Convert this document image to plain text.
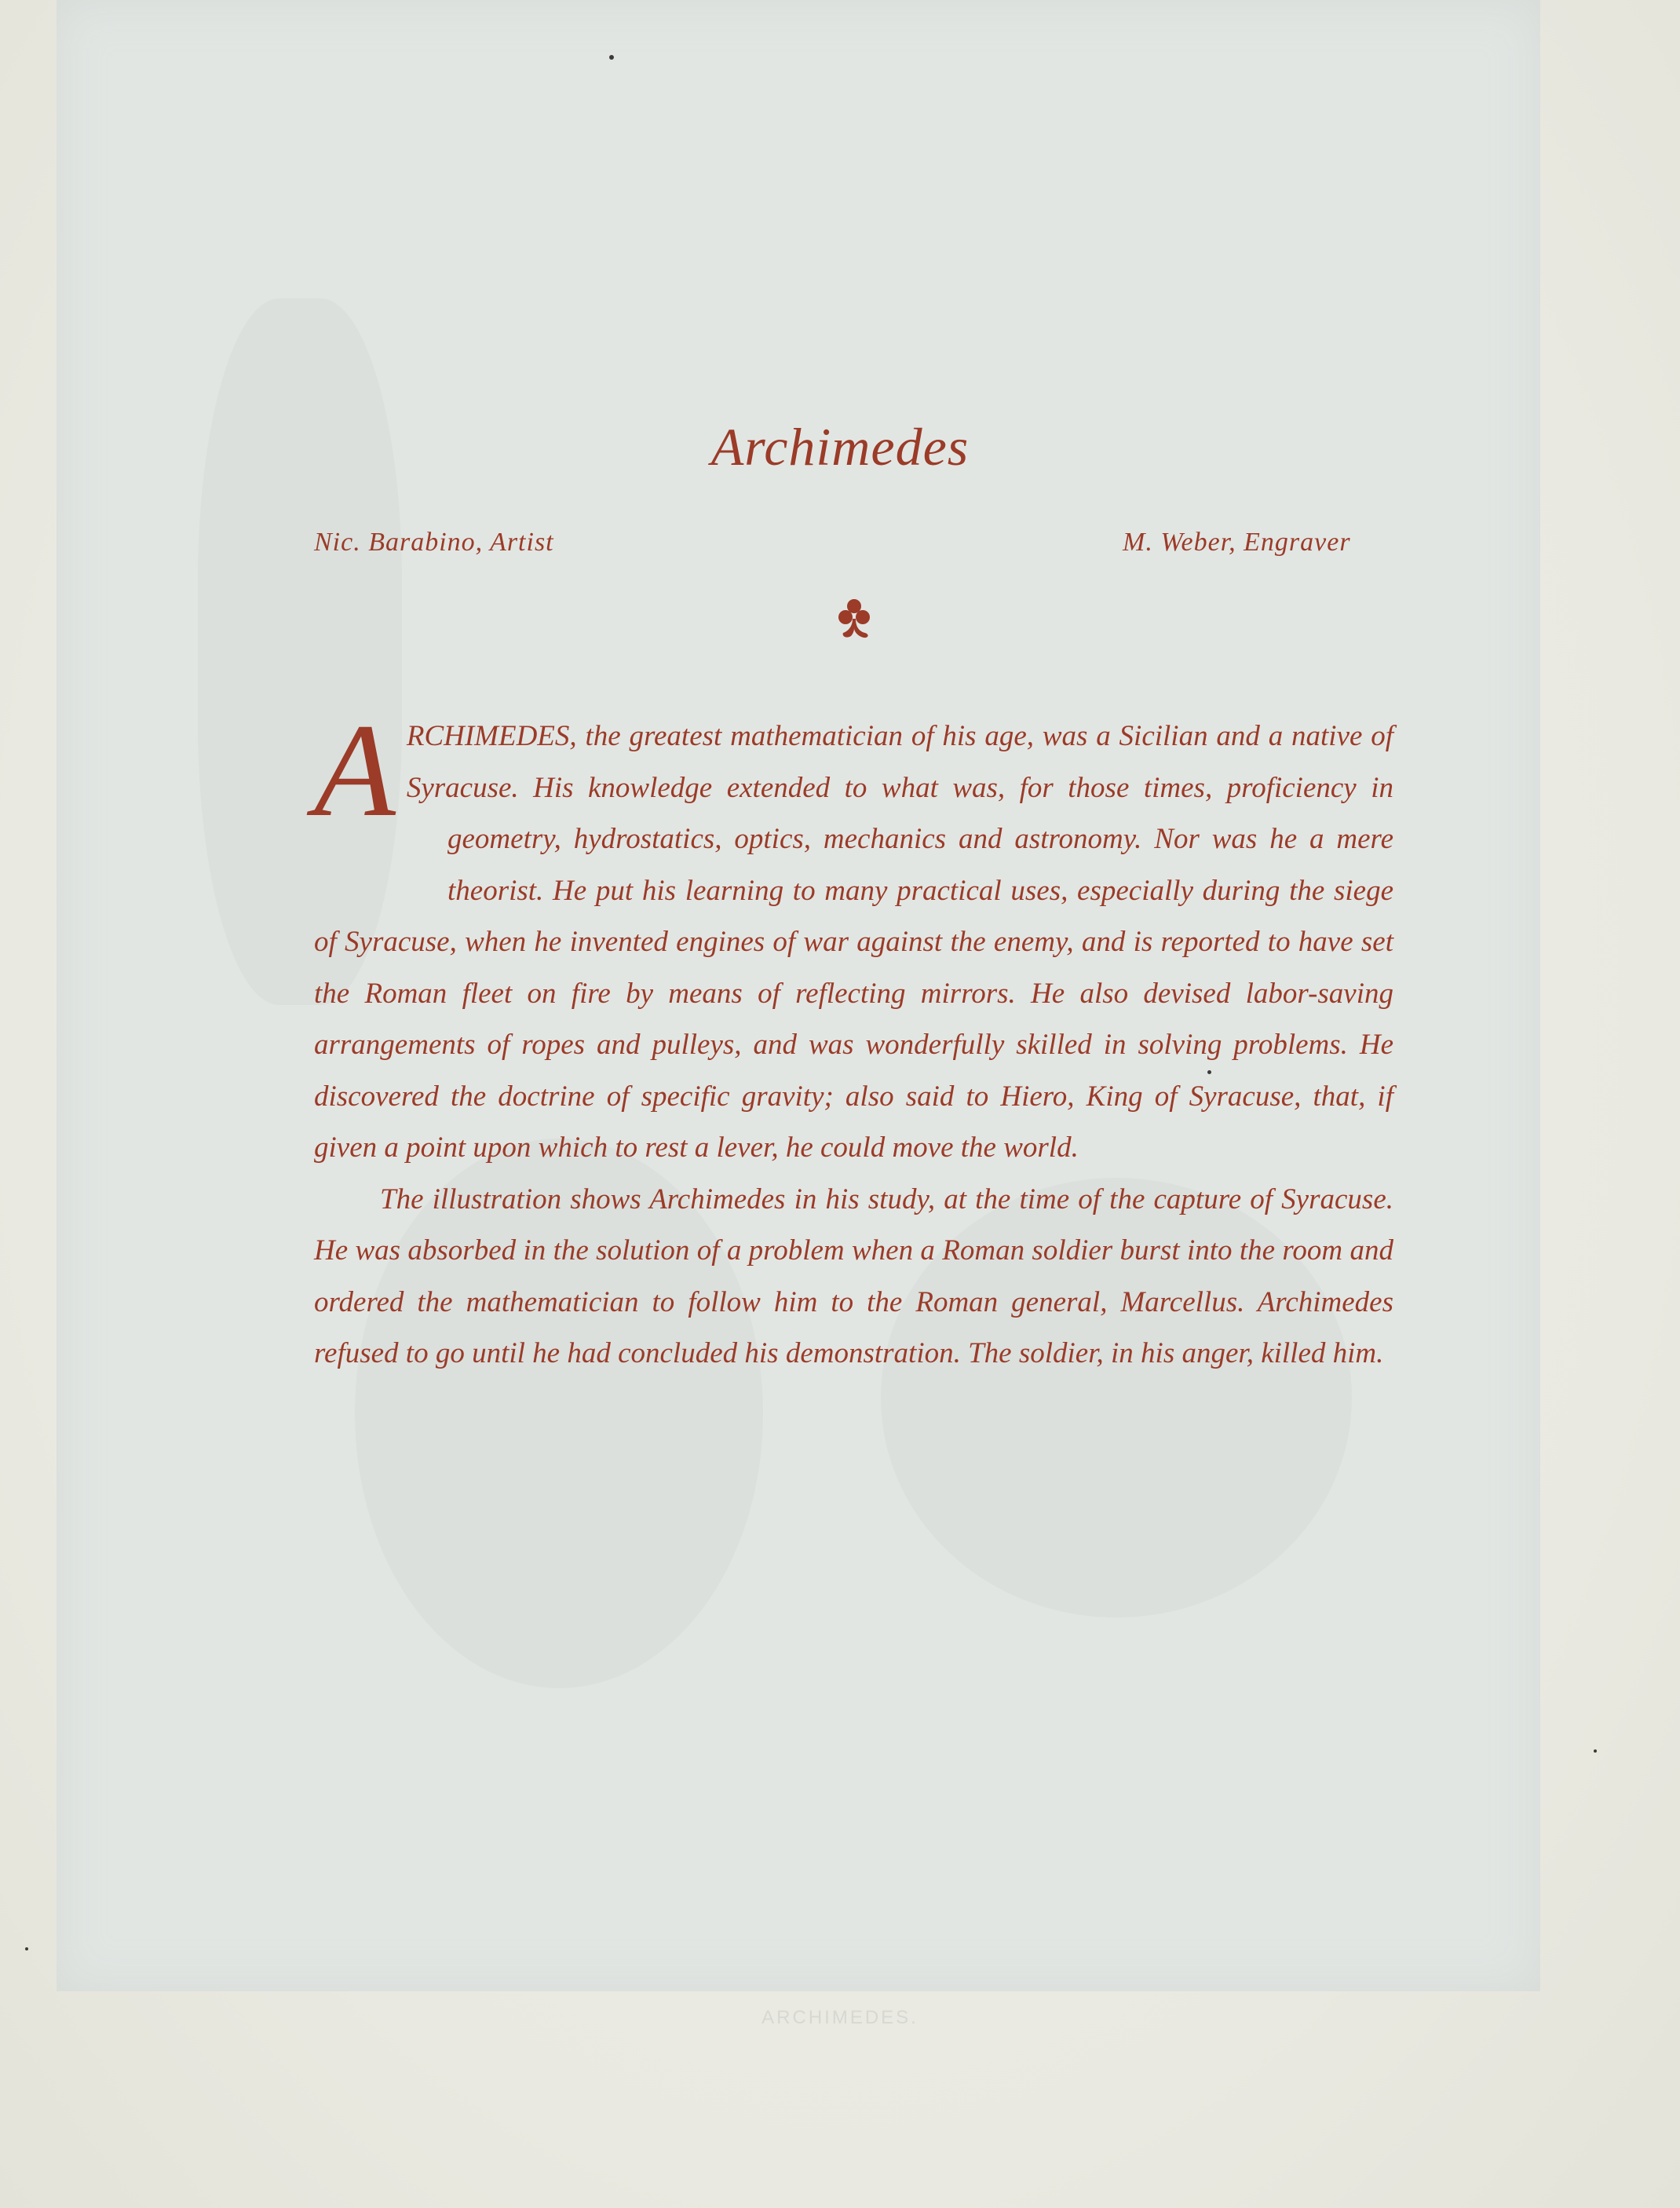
Archimedes
Nic. Barabino, Artist	M. Weber, Engraver
A RCHIMEDES, the greatest mathematician of his age, was a Sicilian and a native of Syracuse. His knowledge extended to what was, for those times, proficiency in geometry, hydrostatics, optics, mechanics and astronomy. Nor was he a mere theorist. He put his learning to many practical uses, especially during the siege of Syracuse, when he invented engines of war against the enemy, and is reported to have set the Roman fleet on fire by means of reflecting mirrors. He also devised labor-saving arrangements of ropes and pulleys, and was wonderfully skilled in solving problems. He discovered the doctrine of specific gravity; also said to Hiero, King of Syracuse, that, if given a point upon which to rest a lever, he could move the world.
The illustration shows Archimedes in his study, at the time of the capture of Syracuse. He was absorbed in the solution of a problem when a Roman soldier burst into the room and ordered the mathematician to follow him to the Roman general, Marcellus. Archimedes refused to go until he had concluded his demonstration. The soldier, in his anger, killed him.
ARCHIMEDES.
